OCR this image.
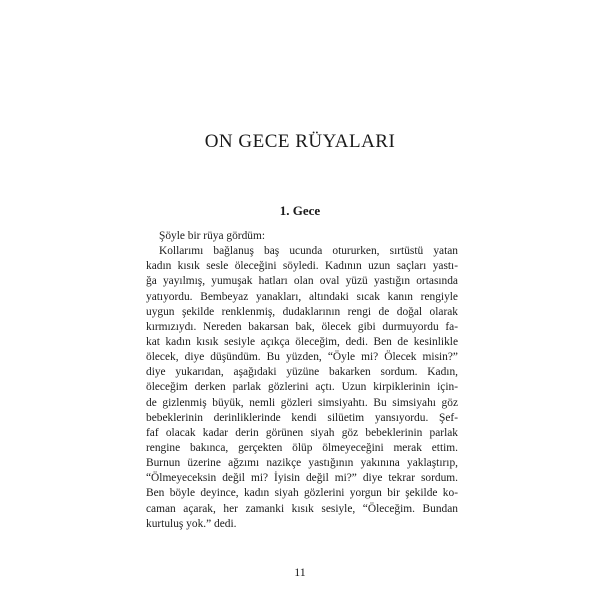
ON GECE RÜYALARI
1. Gece
Şöyle bir rüya gördüm:
Kollarımı bağlanuş baş ucunda otururken, sırtüstü yatan
kadın kısık sesle öleceğini söyledi. Kadının uzun saçları yastı-
ğa yayılmış, yumuşak hatları olan oval yüzü yastığın ortasında
yatıyordu. Bembeyaz yanakları, altındaki sıcak kanın rengiyle
uygun şekilde renklenmiş, dudaklarının rengi de doğal olarak
kırmızıydı. Nereden bakarsan bak, ölecek gibi durmuyordu fa-
kat kadın kısık sesiyle açıkça öleceğim, dedi. Ben de kesinlikle
ölecek, diye düşündüm. Bu yüzden, “Öyle mi? Ölecek misin?”
diye yukarıdan, aşağıdaki yüzüne bakarken sordum. Kadın,
öleceğim derken parlak gözlerini açtı. Uzun kirpiklerinin için-
de gizlenmiş büyük, nemli gözleri simsiyahtı. Bu simsiyahı göz
bebeklerinin derinliklerinde kendi silüetim yansıyordu. Şef-
faf olacak kadar derin görünen siyah göz bebeklerinin parlak
rengine bakınca, gerçekten ölüp ölmeyeceğini merak ettim.
Burnun üzerine ağzımı nazikçe yastığının yakınına yaklaştırıp,
“Ölmeyeceksin değil mi? İyisin değil mi?” diye tekrar sordum.
Ben böyle deyince, kadın siyah gözlerini yorgun bir şekilde ko-
caman açarak, her zamanki kısık sesiyle, “Öleceğim. Bundan
kurtuluş yok.” dedi.
11
